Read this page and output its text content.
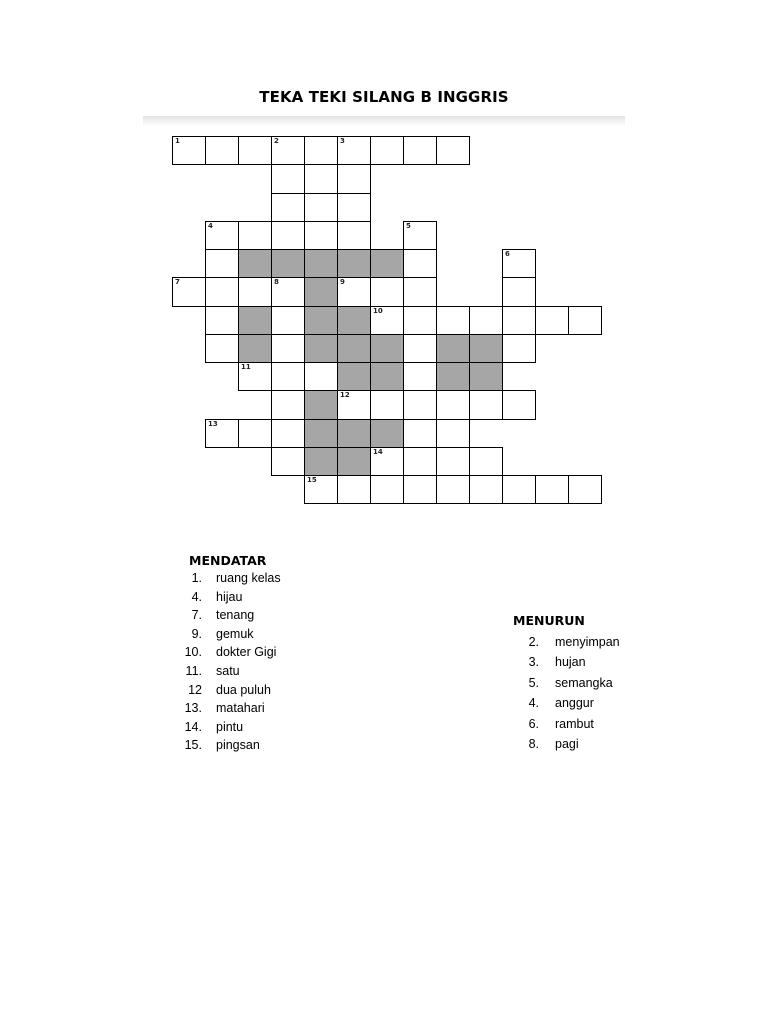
TEKA TEKI SILANG B INGGRIS
1	2	3
4	5
6
7	8	9
10
11
12
13
14
15
MENDATAR
1. ruang kelas
4. hijau
7. tenang
9. gemuk
10. dokter Gigi
11. satu
12 dua puluh
13. matahari
14. pintu
15. pingsan
MENURUN
2. menyimpan
3. hujan
5. semangka
4. anggur
6. rambut
8. pagi
